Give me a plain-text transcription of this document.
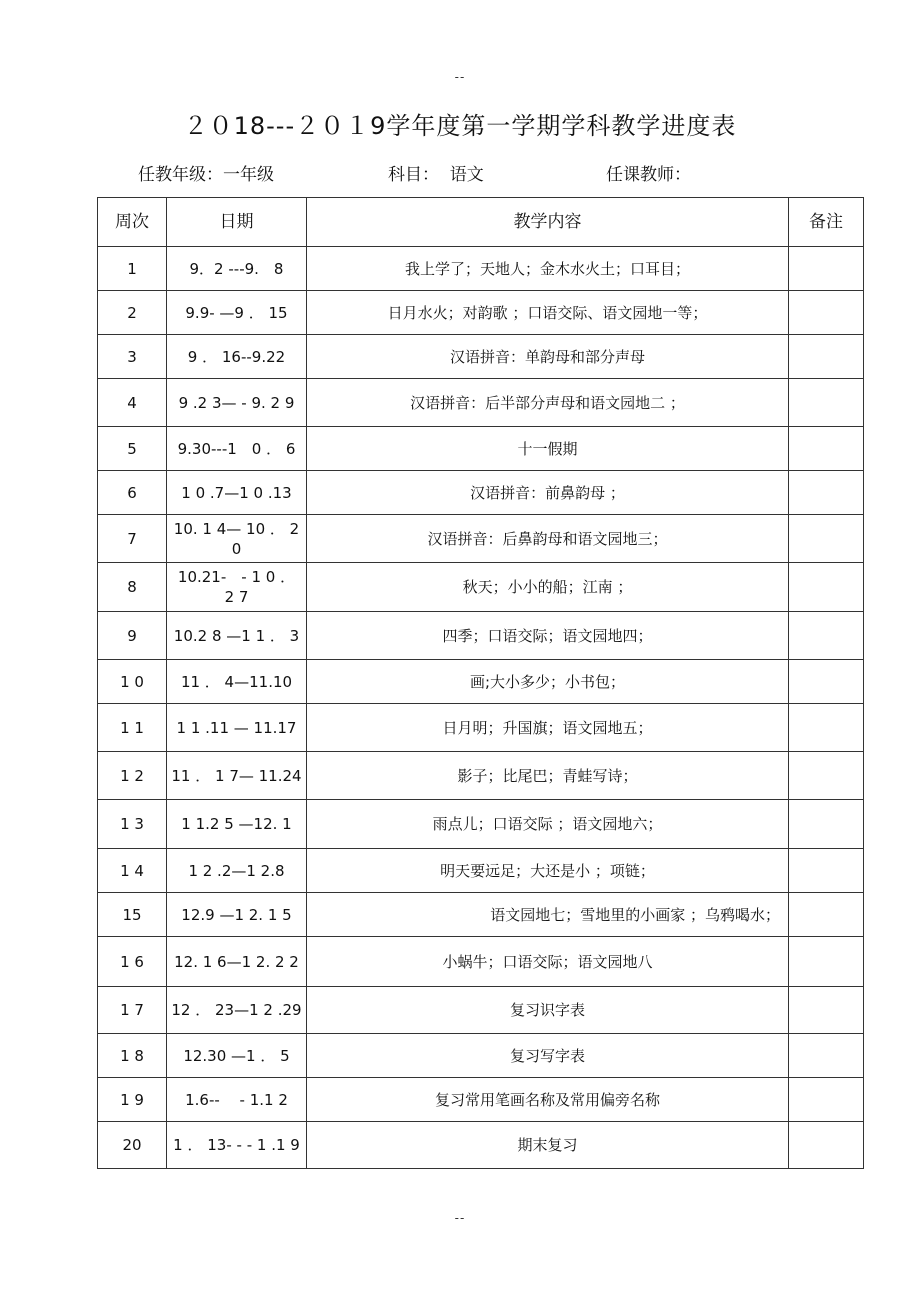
--
２０18---２０１9学年度第一学期学科教学进度表
任教年级：一年级	科目：  语文	任课教师：
周次	日期	教学内容	备注
1	9．2 ---9.　8	我上学了；天地人；金木水火土；口耳目；	
2	9.9- —9 ． 15	日月水火；对韵歌 ；口语交际、语文园地一等；	
3	9 ． 16--9.22	汉语拼音：单韵母和部分声母	
4	9 .2 3— - 9. 2 9	汉语拼音：后半部分声母和语文园地二 ；	
5	9.30---1　0 ． 6	十一假期	
6	1 0 .7—1 0 .13	汉语拼音：前鼻韵母 ；	
7	10. 1 4— 10 ． 20	汉语拼音：后鼻韵母和语文园地三；	
8	10.21-　- 1 0 ． 2 7	秋天；小小的船；江南 ；	
9	10.2 8 —1 1 ． 3	四季；口语交际；语文园地四；	
1 0	11 ． 4—11.10	画;大小多少；小书包；	
1 1	1 1 .11 — 11.17	日月明；升国旗；语文园地五；	
1 2	11 ． 1 7— 11.24	影子；比尾巴；青蛙写诗；	
1 3	1 1.2 5 —12. 1	雨点儿；口语交际 ；语文园地六；	
1 4	1 2 .2—1 2.8	明天要远足；大还是小 ；项链；	
15	12.9 —1 2. 1 5	语文园地七；雪地里的小画家 ；乌鸦喝水；	
1 6	12. 1 6—1 2. 2 2	小蜗牛；口语交际；语文园地八	
1 7	12 ． 23—1 2 .29	复习识字表	
1 8	12.30 —1 ． 5	复习写字表	
1 9	1.6--　 - 1.1 2	复习常用笔画名称及常用偏旁名称	
20	1 ． 13- - - 1 .1 9	期末复习	
--
